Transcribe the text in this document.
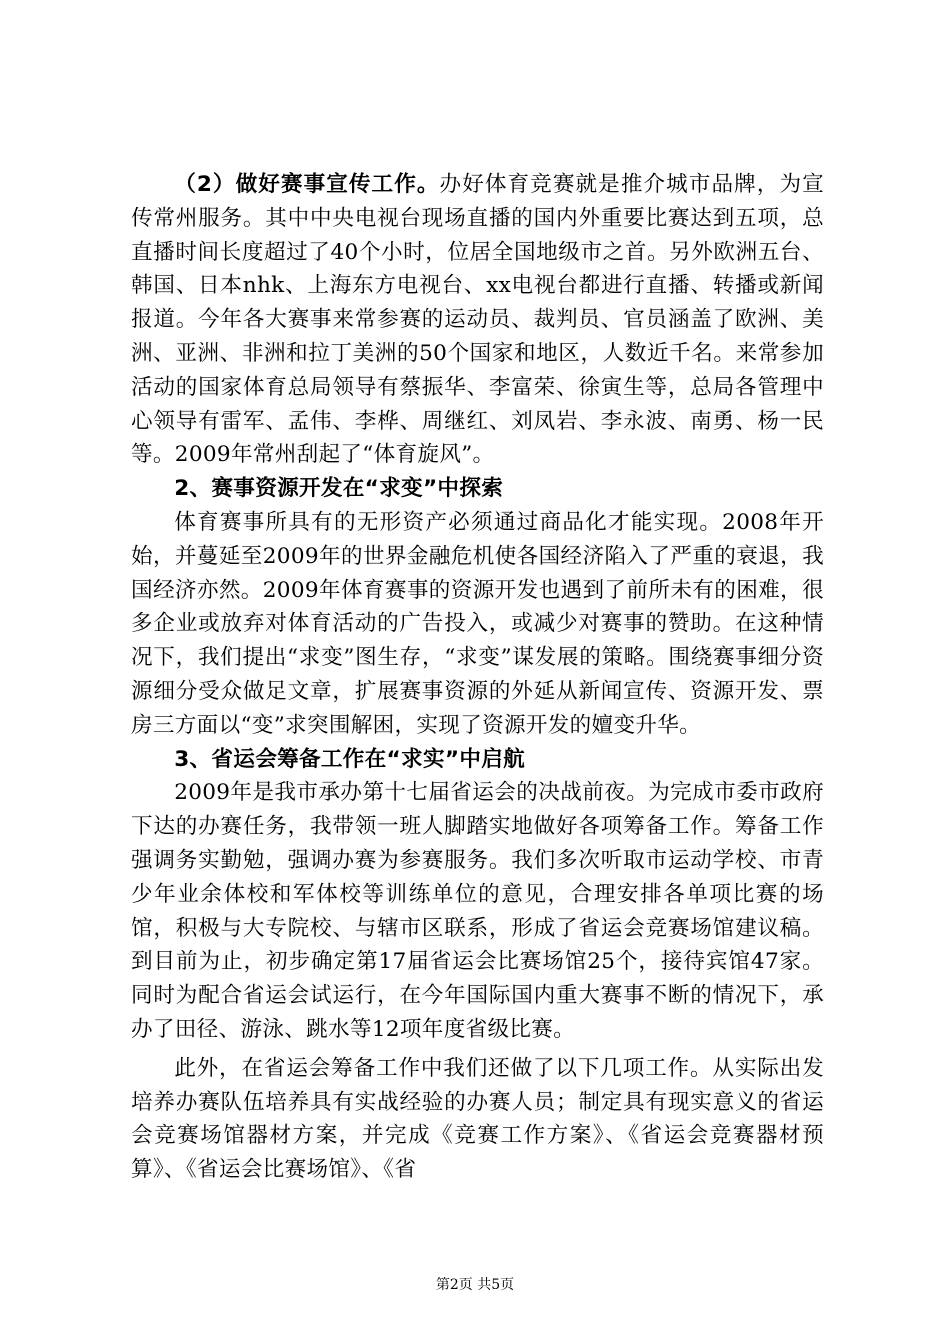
（2）做好赛事宣传工作。办好体育竞赛就是推介城市品牌，为宣传常州服务。其中中央电视台现场直播的国内外重要比赛达到五项，总直播时间长度超过了40个小时，位居全国地级市之首。另外欧洲五台、韩国、日本nhk、上海东方电视台、xx电视台都进行直播、转播或新闻报道。今年各大赛事来常参赛的运动员、裁判员、官员涵盖了欧洲、美洲、亚洲、非洲和拉丁美洲的50个国家和地区，人数近千名。来常参加活动的国家体育总局领导有蔡振华、李富荣、徐寅生等，总局各管理中心领导有雷军、孟伟、李桦、周继红、刘凤岩、李永波、南勇、杨一民等。2009年常州刮起了“体育旋风”。

2、赛事资源开发在“求变”中探索

体育赛事所具有的无形资产必须通过商品化才能实现。2008年开始，并蔓延至2009年的世界金融危机使各国经济陷入了严重的衰退，我国经济亦然。2009年体育赛事的资源开发也遇到了前所未有的困难，很多企业或放弃对体育活动的广告投入，或减少对赛事的赞助。在这种情况下，我们提出“求变”图生存，“求变”谋发展的策略。围绕赛事细分资源细分受众做足文章，扩展赛事资源的外延从新闻宣传、资源开发、票房三方面以“变”求突围解困，实现了资源开发的嬗变升华。

3、省运会筹备工作在“求实”中启航

2009年是我市承办第十七届省运会的决战前夜。为完成市委市政府下达的办赛任务，我带领一班人脚踏实地做好各项筹备工作。筹备工作强调务实勤勉，强调办赛为参赛服务。我们多次听取市运动学校、市青少年业余体校和军体校等训练单位的意见，合理安排各单项比赛的场馆，积极与大专院校、与辖市区联系，形成了省运会竞赛场馆建议稿。到目前为止，初步确定第17届省运会比赛场馆25个，接待宾馆47家。同时为配合省运会试运行，在今年国际国内重大赛事不断的情况下，承办了田径、游泳、跳水等12项年度省级比赛。

此外，在省运会筹备工作中我们还做了以下几项工作。从实际出发培养办赛队伍培养具有实战经验的办赛人员；制定具有现实意义的省运会竞赛场馆器材方案，并完成《竞赛工作方案》、《省运会竞赛器材预算》、《省运会比赛场馆》、《省

第2页 共5页
